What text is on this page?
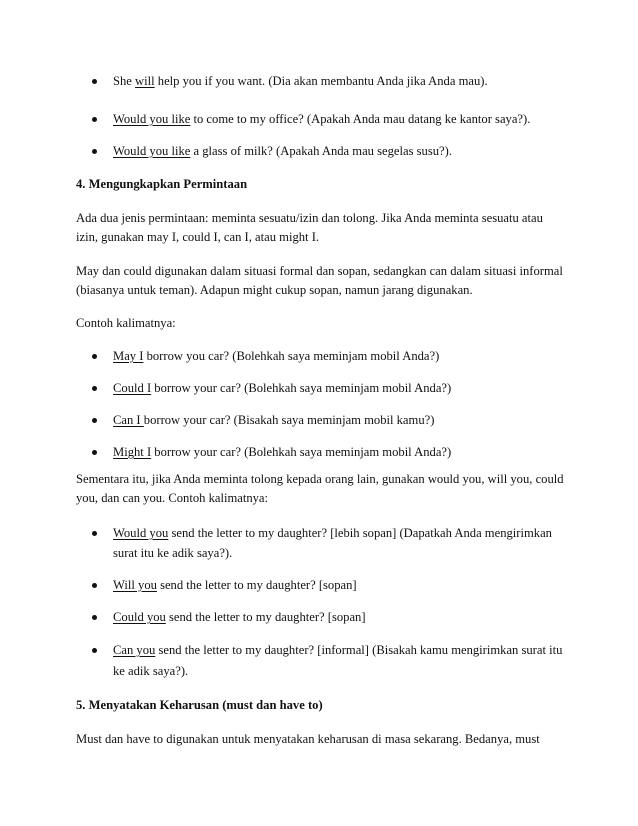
She will help you if you want. (Dia akan membantu Anda jika Anda mau).
Would you like to come to my office? (Apakah Anda mau datang ke kantor saya?).
Would you like a glass of milk? (Apakah Anda mau segelas susu?).
4. Mengungkapkan Permintaan
Ada dua jenis permintaan: meminta sesuatu/izin dan tolong. Jika Anda meminta sesuatu atau
izin, gunakan may I, could I, can I, atau might I.
May dan could digunakan dalam situasi formal dan sopan, sedangkan can dalam situasi informal
(biasanya untuk teman). Adapun might cukup sopan, namun jarang digunakan.
Contoh kalimatnya:
May I borrow you car? (Bolehkah saya meminjam mobil Anda?)
Could I borrow your car? (Bolehkah saya meminjam mobil Anda?)
Can I borrow your car? (Bisakah saya meminjam mobil kamu?)
Might I borrow your car? (Bolehkah saya meminjam mobil Anda?)
Sementara itu, jika Anda meminta tolong kepada orang lain, gunakan would you, will you, could
you, dan can you. Contoh kalimatnya:
Would you send the letter to my daughter? [lebih sopan] (Dapatkah Anda mengirimkan
surat itu ke adik saya?).
Will you send the letter to my daughter? [sopan]
Could you send the letter to my daughter? [sopan]
Can you send the letter to my daughter? [informal] (Bisakah kamu mengirimkan surat itu
ke adik saya?).
5. Menyatakan Keharusan (must dan have to)
Must dan have to digunakan untuk menyatakan keharusan di masa sekarang. Bedanya, must
